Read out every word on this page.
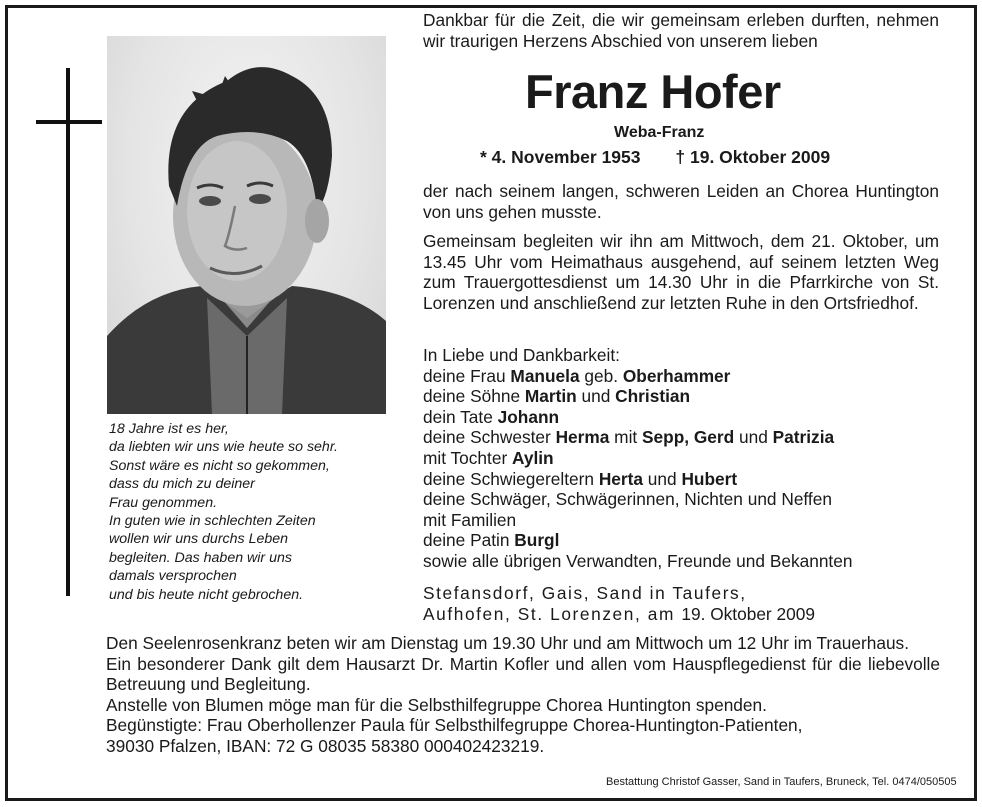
18 Jahre ist es her,
da liebten wir uns wie heute so sehr.
Sonst wäre es nicht so gekommen,
dass du mich zu deiner
Frau genommen.
In guten wie in schlechten Zeiten
wollen wir uns durchs Leben
begleiten. Das haben wir uns
damals versprochen
und bis heute nicht gebrochen.
Dankbar für die Zeit, die wir gemeinsam erleben durften, nehmen wir traurigen Herzens Abschied von unserem lieben
Franz Hofer
Weba-Franz
* 4. November 1953 † 19. Oktober 2009
der nach seinem langen, schweren Leiden an Chorea Huntington von uns gehen musste.
Gemeinsam begleiten wir ihn am Mittwoch, dem 21. Oktober, um 13.45 Uhr vom Heimathaus ausgehend, auf seinem letzten Weg zum Trauergottesdienst um 14.30 Uhr in die Pfarrkirche von St. Lorenzen und anschließend zur letzten Ruhe in den Ortsfriedhof.
In Liebe und Dankbarkeit:
deine Frau Manuela geb. Oberhammer
deine Söhne Martin und Christian
dein Tate Johann
deine Schwester Herma mit Sepp, Gerd und Patrizia
mit Tochter Aylin
deine Schwiegereltern Herta und Hubert
deine Schwäger, Schwägerinnen, Nichten und Neffen
mit Familien
deine Patin Burgl
sowie alle übrigen Verwandten, Freunde und Bekannten
Stefansdorf, Gais, Sand in Taufers,
Aufhofen, St. Lorenzen, am 19. Oktober 2009
Den Seelenrosenkranz beten wir am Dienstag um 19.30 Uhr und am Mittwoch um 12 Uhr im Trauerhaus.
Ein besonderer Dank gilt dem Hausarzt Dr. Martin Kofler und allen vom Hauspflegedienst für die liebevolle Betreuung und Begleitung.
Anstelle von Blumen möge man für die Selbsthilfegruppe Chorea Huntington spenden.
Begünstigte: Frau Oberhollenzer Paula für Selbsthilfegruppe Chorea-Huntington-Patienten,
39030 Pfalzen, IBAN: 72 G 08035 58380 000402423219.
Bestattung Christof Gasser, Sand in Taufers, Bruneck, Tel. 0474/050505
